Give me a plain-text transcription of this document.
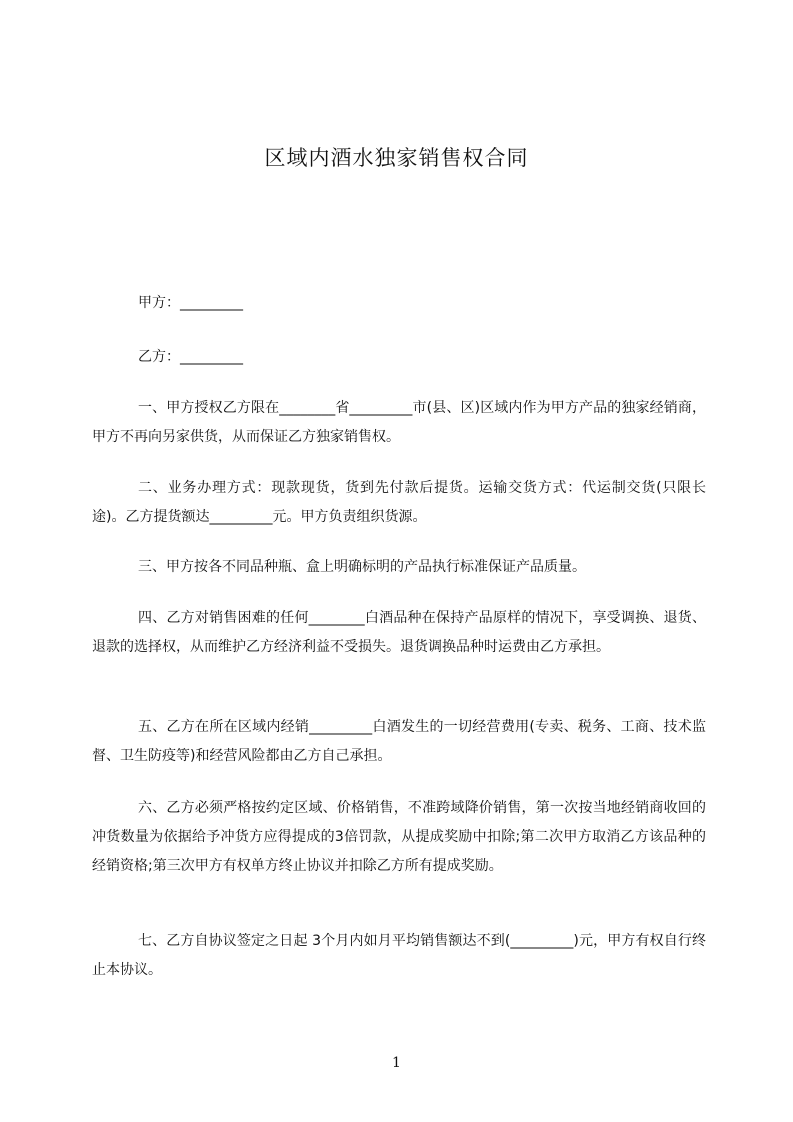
区域内酒水独家销售权合同
甲方：_________
乙方：_________
一、甲方授权乙方限在________省_________市(县、区)区域内作为甲方产品的独家经销商，甲方不再向另家供货，从而保证乙方独家销售权。
二、业务办理方式：现款现货，货到先付款后提货。运输交货方式：代运制交货(只限长途)。乙方提货额达_________元。甲方负责组织货源。
三、甲方按各不同品种瓶、盒上明确标明的产品执行标准保证产品质量。
四、乙方对销售困难的任何________白酒品种在保持产品原样的情况下，享受调换、退货、退款的选择权，从而维护乙方经济利益不受损失。退货调换品种时运费由乙方承担。
五、乙方在所在区域内经销_________白酒发生的一切经营费用(专卖、税务、工商、技术监督、卫生防疫等)和经营风险都由乙方自己承担。
六、乙方必须严格按约定区域、价格销售，不准跨域降价销售，第一次按当地经销商收回的冲货数量为依据给予冲货方应得提成的3倍罚款，从提成奖励中扣除;第二次甲方取消乙方该品种的经销资格;第三次甲方有权单方终止协议并扣除乙方所有提成奖励。
七、乙方自协议签定之日起 3个月内如月平均销售额达不到(_________)元，甲方有权自行终止本协议。
1
